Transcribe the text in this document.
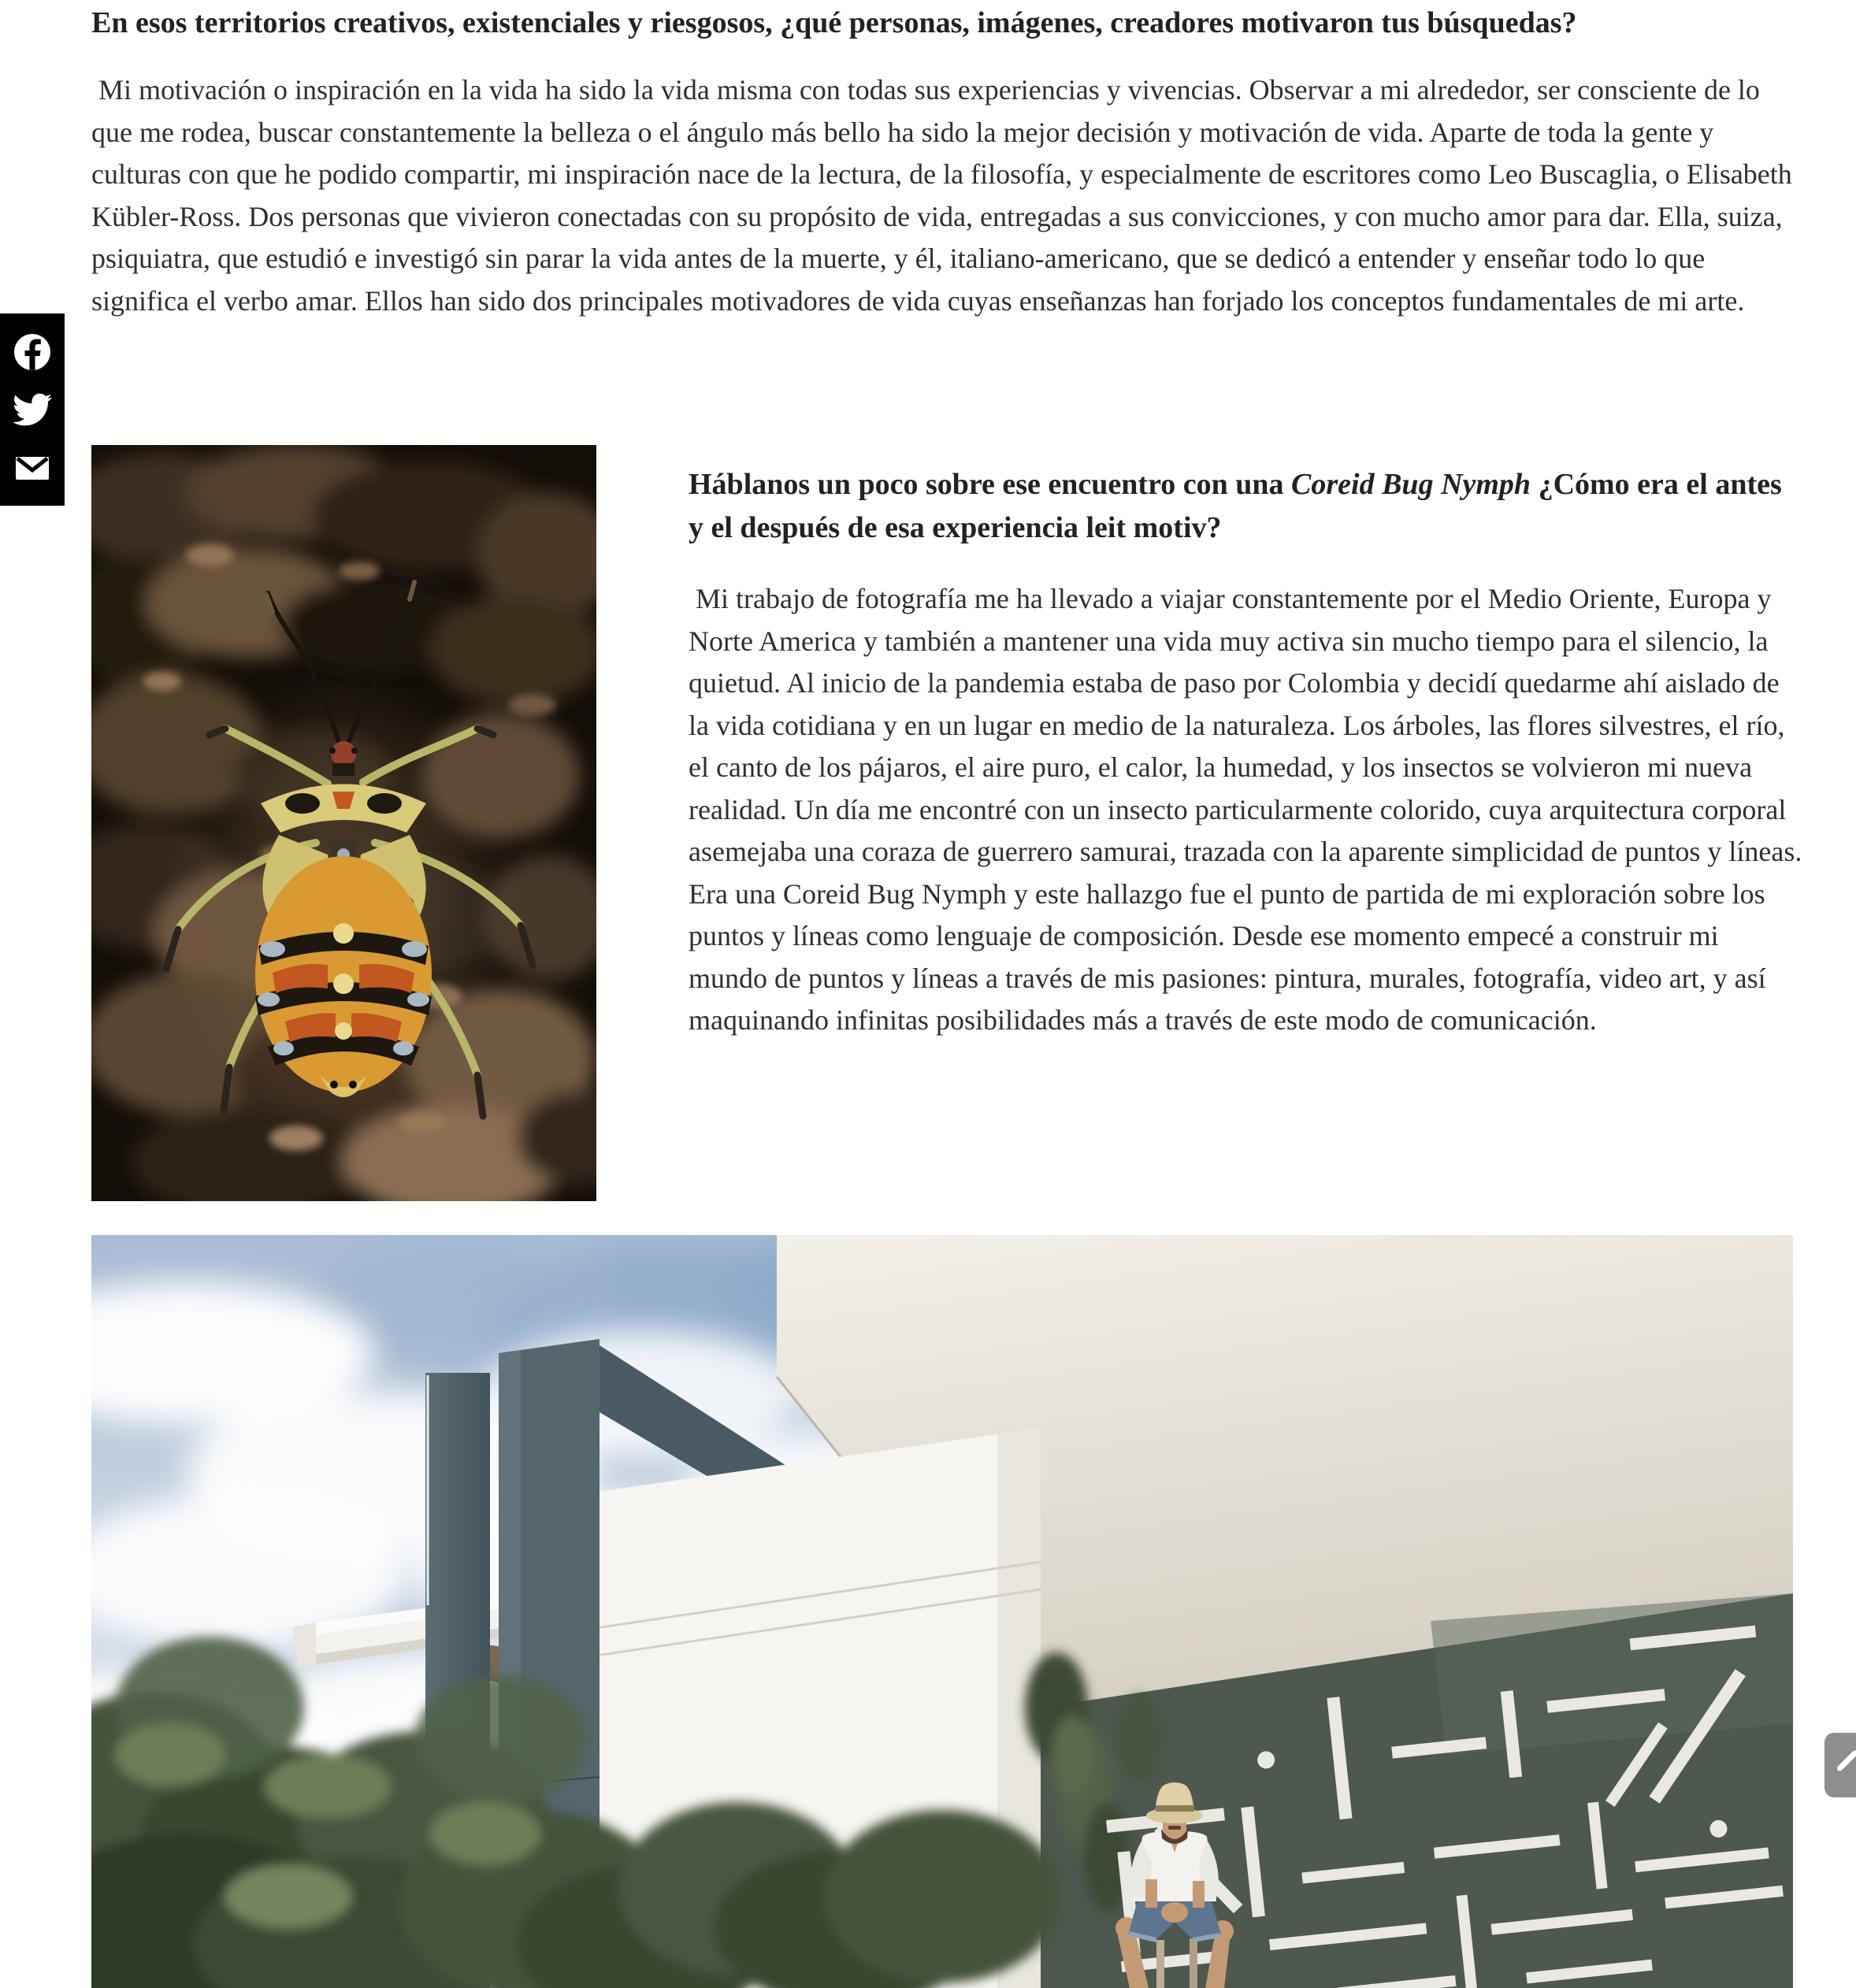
En esos territorios creativos, existenciales y riesgosos, ¿qué personas, imágenes, creadores motivaron tus búsquedas?

Mi motivación o inspiración en la vida ha sido la vida misma con todas sus experiencias y vivencias. Observar a mi alrededor, ser consciente de lo que me rodea, buscar constantemente la belleza o el ángulo más bello ha sido la mejor decisión y motivación de vida. Aparte de toda la gente y culturas con que he podido compartir, mi inspiración nace de la lectura, de la filosofía, y especialmente de escritores como Leo Buscaglia, o Elisabeth Kübler-Ross. Dos personas que vivieron conectadas con su propósito de vida, entregadas a sus convicciones, y con mucho amor para dar. Ella, suiza, psiquiatra, que estudió e investigó sin parar la vida antes de la muerte, y él, italiano-americano, que se dedicó a entender y enseñar todo lo que significa el verbo amar. Ellos han sido dos principales motivadores de vida cuyas enseñanzas han forjado los conceptos fundamentales de mi arte.

Háblanos un poco sobre ese encuentro con una Coreid Bug Nymph ¿Cómo era el antes y el después de esa experiencia leit motiv?

Mi trabajo de fotografía me ha llevado a viajar constantemente por el Medio Oriente, Europa y Norte America y también a mantener una vida muy activa sin mucho tiempo para el silencio, la quietud. Al inicio de la pandemia estaba de paso por Colombia y decidí quedarme ahí aislado de la vida cotidiana y en un lugar en medio de la naturaleza. Los árboles, las flores silvestres, el río, el canto de los pájaros, el aire puro, el calor, la humedad, y los insectos se volvieron mi nueva realidad. Un día me encontré con un insecto particularmente colorido, cuya arquitectura corporal asemejaba una coraza de guerrero samurai, trazada con la aparente simplicidad de puntos y líneas. Era una Coreid Bug Nymph y este hallazgo fue el punto de partida de mi exploración sobre los puntos y líneas como lenguaje de composición. Desde ese momento empecé a construir mi mundo de puntos y líneas a través de mis pasiones: pintura, murales, fotografía, video art, y así maquinando infinitas posibilidades más a través de este modo de comunicación.
